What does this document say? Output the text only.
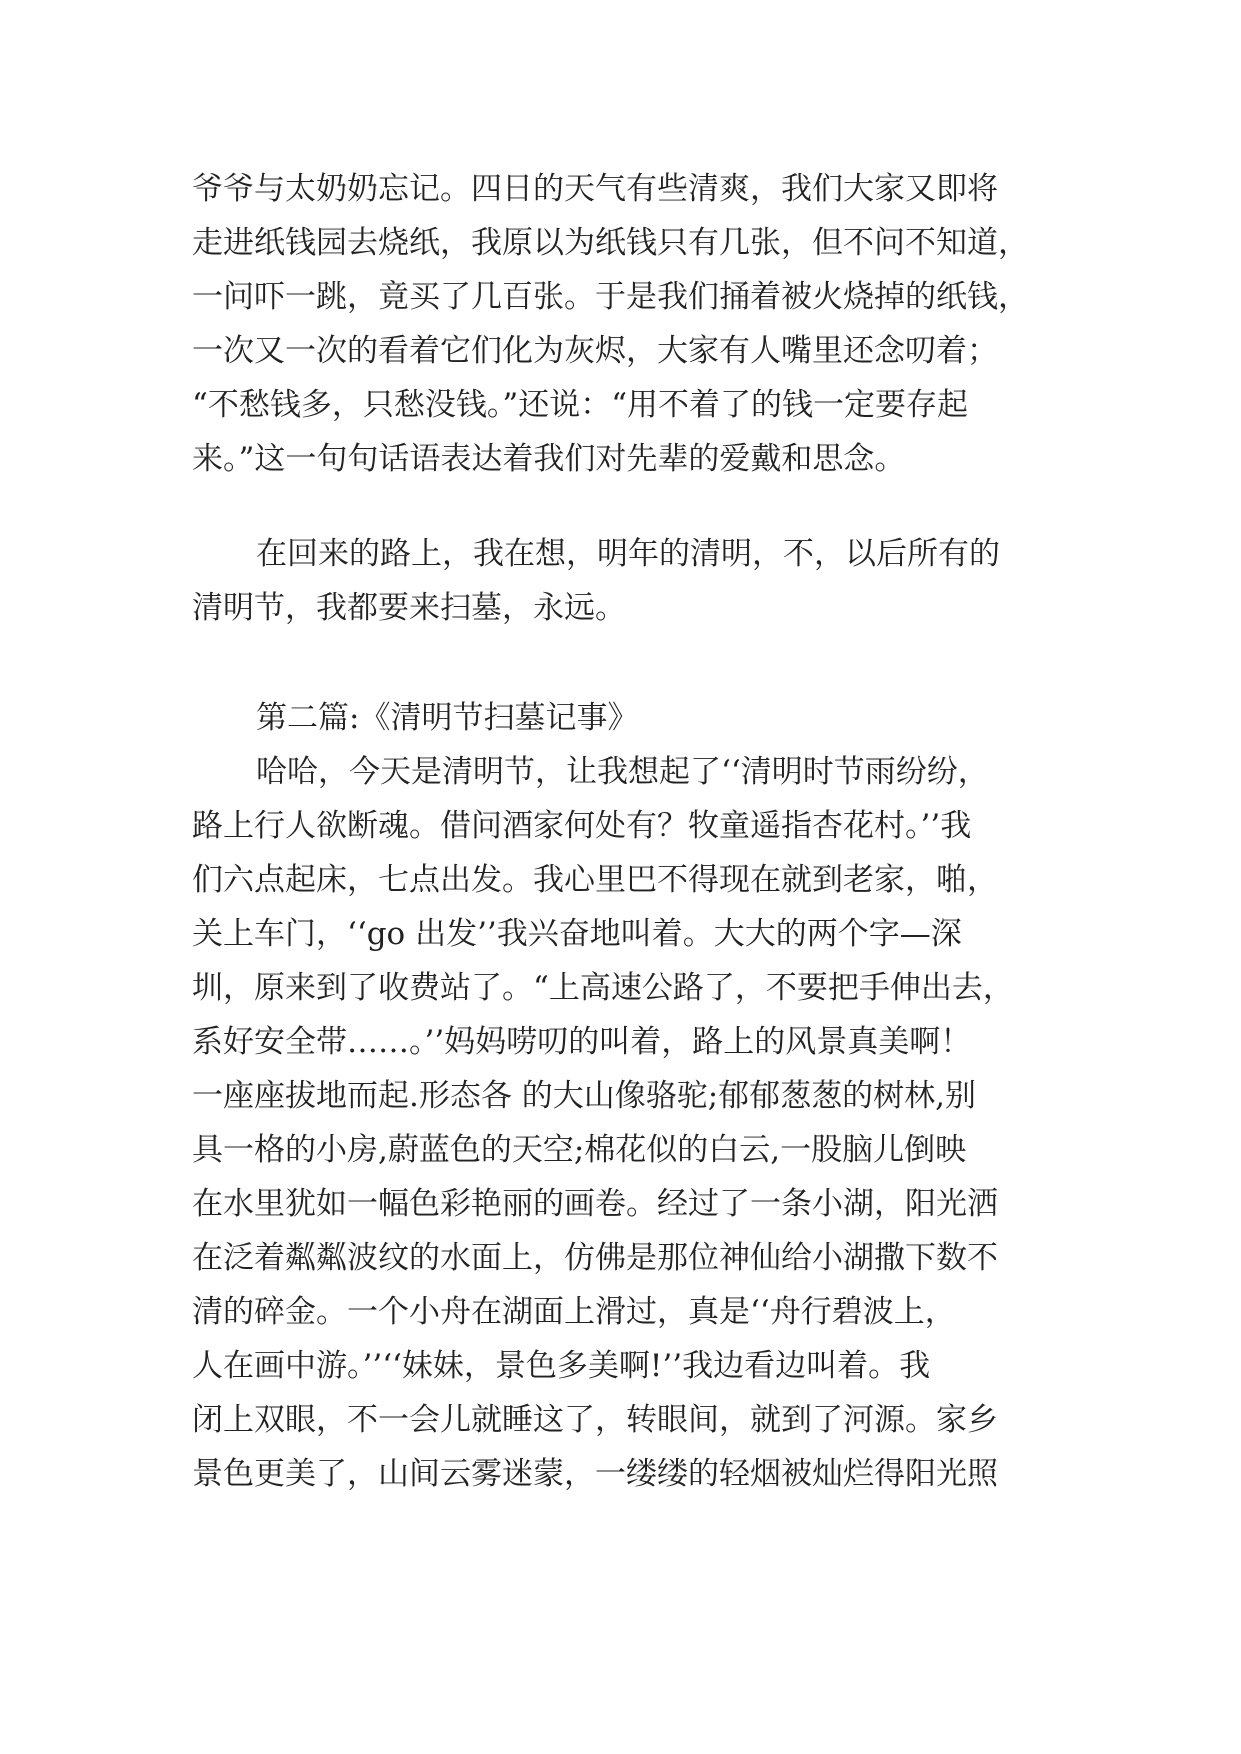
爷爷与太奶奶忘记。四日的天气有些清爽，我们大家又即将
走进纸钱园去烧纸，我原以为纸钱只有几张，但不问不知道，
一问吓一跳，竟买了几百张。于是我们捅着被火烧掉的纸钱，
一次又一次的看着它们化为灰烬，大家有人嘴里还念叨着；
“不愁钱多，只愁没钱。”还说：“用不着了的钱一定要存起
来。”这一句句话语表达着我们对先辈的爱戴和思念。
在回来的路上，我在想，明年的清明，不，以后所有的
清明节，我都要来扫墓，永远。
第二篇:《清明节扫墓记事》
哈哈，今天是清明节，让我想起了‘‘清明时节雨纷纷，
路上行人欲断魂。借问酒家何处有？牧童遥指杏花村。’’我
们六点起床，七点出发。我心里巴不得现在就到老家，啪，
关上车门，‘‘go 出发’’我兴奋地叫着。大大的两个字—深
圳，原来到了收费站了。“上高速公路了，不要把手伸出去，
系好安全带……。’’妈妈唠叨的叫着，路上的风景真美啊！
一座座拔地而起.形态各 的大山像骆驼;郁郁葱葱的树林,别
具一格的小房,蔚蓝色的天空;棉花似的白云,一股脑儿倒映
在水里犹如一幅色彩艳丽的画卷。经过了一条小湖，阳光洒
在泛着粼粼波纹的水面上，仿佛是那位神仙给小湖撒下数不
清的碎金。一个小舟在湖面上滑过，真是‘‘舟行碧波上，
人在画中游。’’‘‘妹妹，景色多美啊!’’我边看边叫着。我
闭上双眼，不一会儿就睡这了，转眼间，就到了河源。家乡
景色更美了，山间云雾迷蒙，一缕缕的轻烟被灿烂得阳光照
